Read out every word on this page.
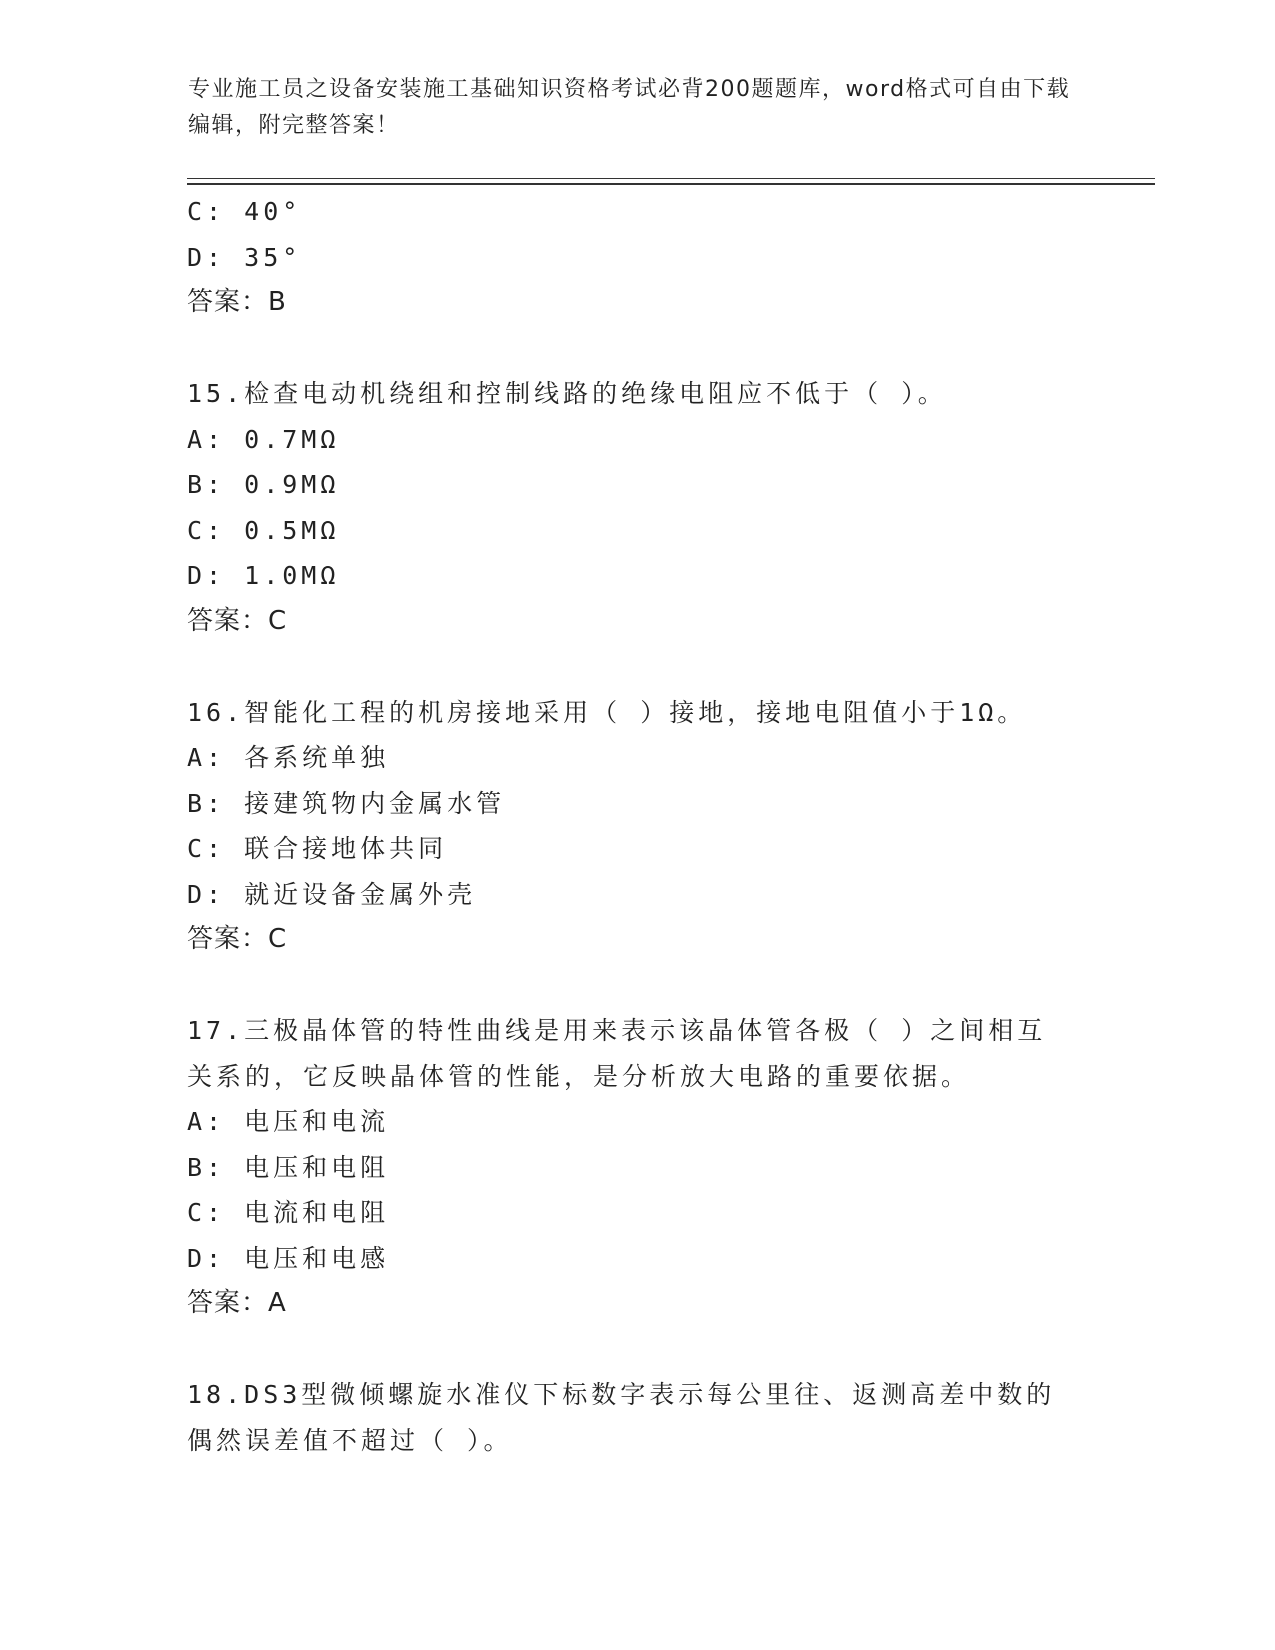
专业施工员之设备安装施工基础知识资格考试必背200题题库，word格式可自由下载编辑，附完整答案！
C: 40°
D: 35°
答案：B
15.检查电动机绕组和控制线路的绝缘电阻应不低于（ ）。
A: 0.7MΩ
B: 0.9MΩ
C: 0.5MΩ
D: 1.0MΩ
答案：C
16.智能化工程的机房接地采用（ ）接地，接地电阻值小于1Ω。
A: 各系统单独
B: 接建筑物内金属水管
C: 联合接地体共同
D: 就近设备金属外壳
答案：C
17.三极晶体管的特性曲线是用来表示该晶体管各极（ ）之间相互关系的，它反映晶体管的性能，是分析放大电路的重要依据。
A: 电压和电流
B: 电压和电阻
C: 电流和电阻
D: 电压和电感
答案：A
18.DS3型微倾螺旋水准仪下标数字表示每公里往、返测高差中数的偶然误差值不超过（ ）。
